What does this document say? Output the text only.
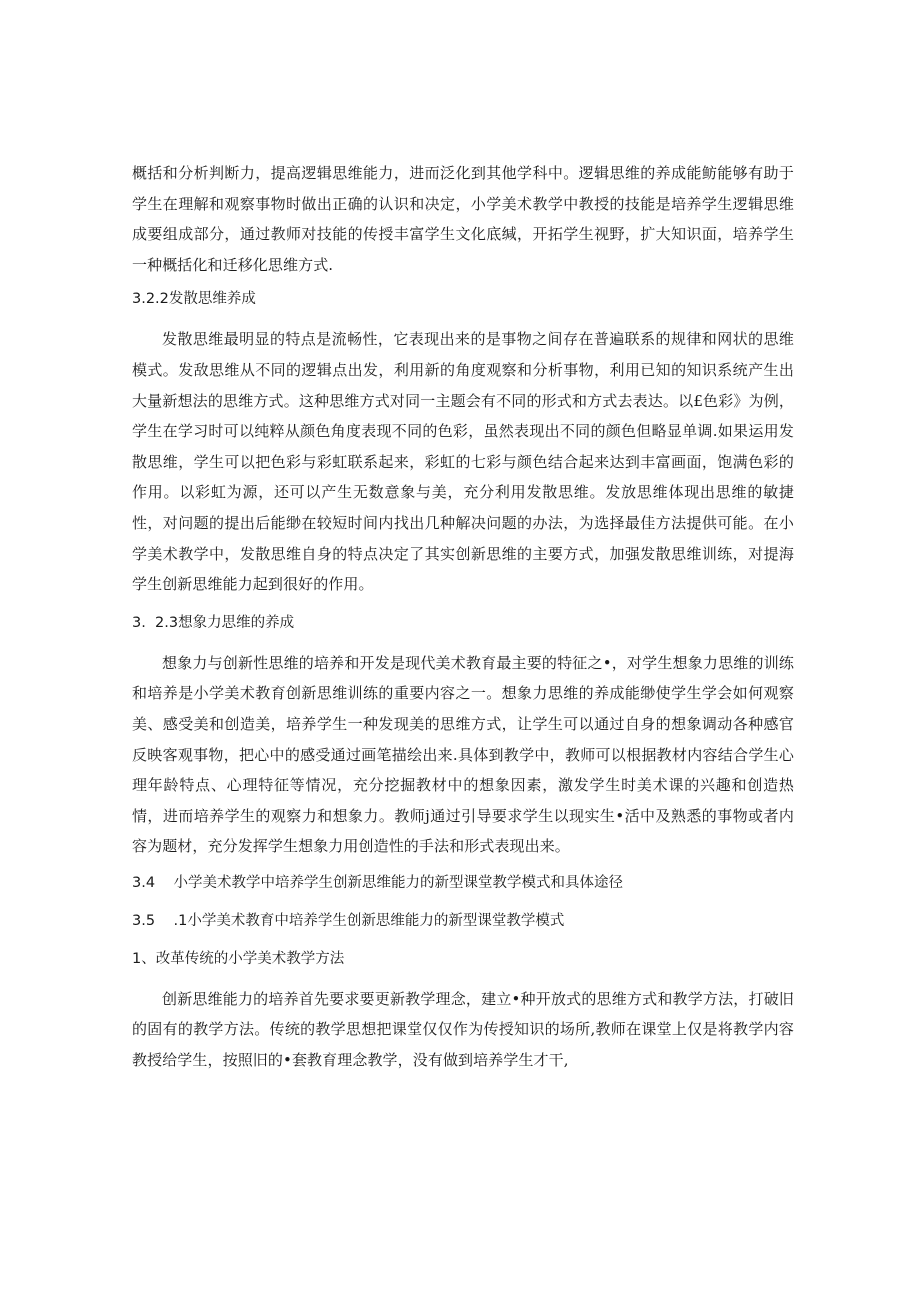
概括和分析判断力，提高逻辑思维能力，进而泛化到其他学科中。逻辑思维的养成能鲂能够有助于学生在理解和观察事物时做出正确的认识和决定，小学美术教学中教授的技能是培养学生逻辑思维成要组成部分，通过教师对技能的传授丰富学生文化底缄，开拓学生视野，扩大知识面，培养学生一种概括化和迁移化思维方式.

3.2.2发散思维养成

发散思维最明显的特点是流畅性，它表现出来的是事物之间存在普遍联系的规律和网状的思维模式。发敌思维从不同的逻辑点出发，利用新的角度观察和分析事物，利用已知的知识系统产生出大量新想法的思维方式。这种思维方式对同一主题会有不同的形式和方式去表达。以£色彩》为例，学生在学习时可以纯粹从颜色角度表现不同的色彩，虽然表现出不同的颜色但略显单调.如果运用发散思维，学生可以把色彩与彩虹联系起来，彩虹的七彩与颜色结合起来达到丰富画面，饱满色彩的作用。以彩虹为源，还可以产生无数意象与美，充分利用发散思维。发放思维体现出思维的敏捷性，对问题的提出后能缈在较短时间内找出几种解决问题的办法，为选择最佳方法提供可能。在小学美术教学中，发散思维自身的特点决定了其实创新思维的主要方式，加强发散思维训练，对提海学生创新思维能力起到很好的作用。

3.  2.3想象力思维的养成

想象力与创新性思维的培养和开发是现代美术教育最主要的特征之•，对学生想象力思维的训练和培养是小学美术教育创新思维训练的重要内容之一。想象力思维的养成能缈使学生学会如何观察美、感受美和创造美，培养学生一种发现美的思维方式，让学生可以通过自身的想象调动各种感官反映客观事物，把心中的感受通过画笔描绘出来.具体到教学中，教师可以根据教材内容结合学生心理年龄特点、心理特征等情况，充分挖掘教材中的想象因素，激发学生时美术课的兴趣和创造热情，进而培养学生的观察力和想象力。教师j通过引导要求学生以现实生•活中及熟悉的事物或者内容为题材，充分发挥学生想象力用创造性的手法和形式表现出来。

3.4    小学美术教学中培养学生创新思维能力的新型课堂教学模式和具体途径

3.5    .1小学美术教育中培养学生创新思维能力的新型课堂教学模式

1、改革传统的小学美术教学方法

创新思维能力的培养首先要求要更新教学理念，建立•种开放式的思维方式和教学方法，打破旧的固有的教学方法。传统的教学思想把课堂仅仅作为传授知识的场所,教师在课堂上仅是将教学内容教授给学生，按照旧的•套教育理念教学，没有做到培养学生才干,
